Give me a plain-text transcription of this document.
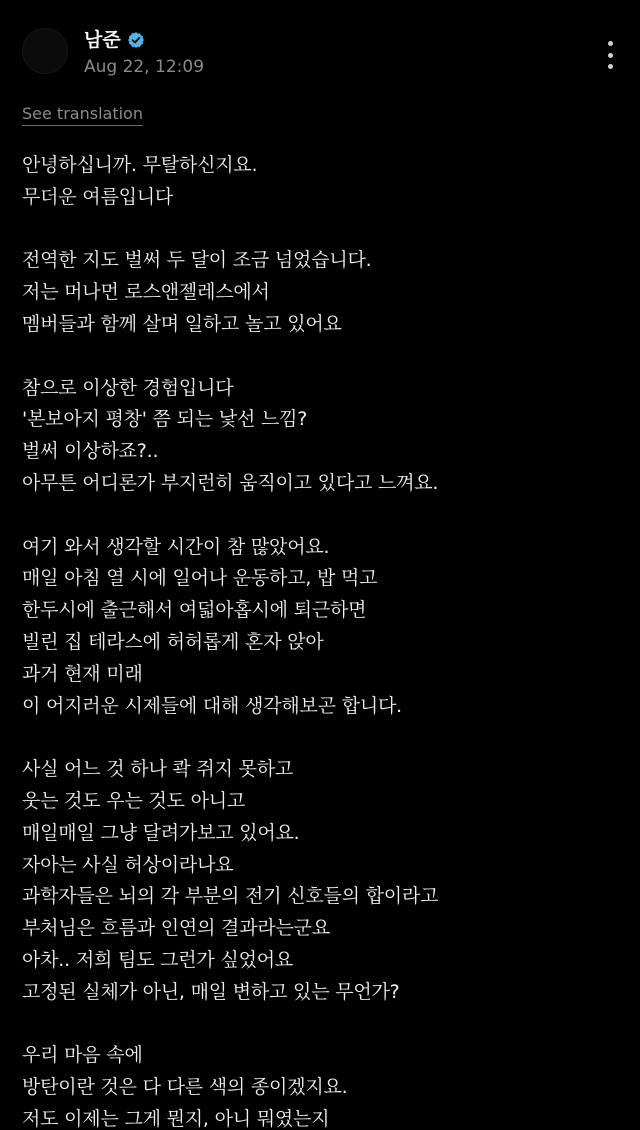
남준
Aug 22, 12:09
See translation
안녕하십니까. 무탈하신지요.
무더운 여름입니다
전역한 지도 벌써 두 달이 조금 넘었습니다.
저는 머나먼 로스앤젤레스에서
멤버들과 함께 살며 일하고 놀고 있어요
참으로 이상한 경험입니다
'본보아지 평창' 쯤 되는 낯선 느낌?
벌써 이상하죠?..
아무튼 어디론가 부지런히 움직이고 있다고 느껴요.
여기 와서 생각할 시간이 참 많았어요.
매일 아침 열 시에 일어나 운동하고, 밥 먹고
한두시에 출근해서 여덟아홉시에 퇴근하면
빌린 집 테라스에 허허롭게 혼자 앉아
과거 현재 미래
이 어지러운 시제들에 대해 생각해보곤 합니다.
사실 어느 것 하나 콱 쥐지 못하고
웃는 것도 우는 것도 아니고
매일매일 그냥 달려가보고 있어요.
자아는 사실 허상이라나요
과학자들은 뇌의 각 부분의 전기 신호들의 합이라고
부처님은 흐름과 인연의 결과라는군요
아차.. 저희 팀도 그런가 싶었어요
고정된 실체가 아닌, 매일 변하고 있는 무언가?
우리 마음 속에
방탄이란 것은 다 다른 색의 종이겠지요.
저도 이제는 그게 뭔지, 아니 뭐였는지
